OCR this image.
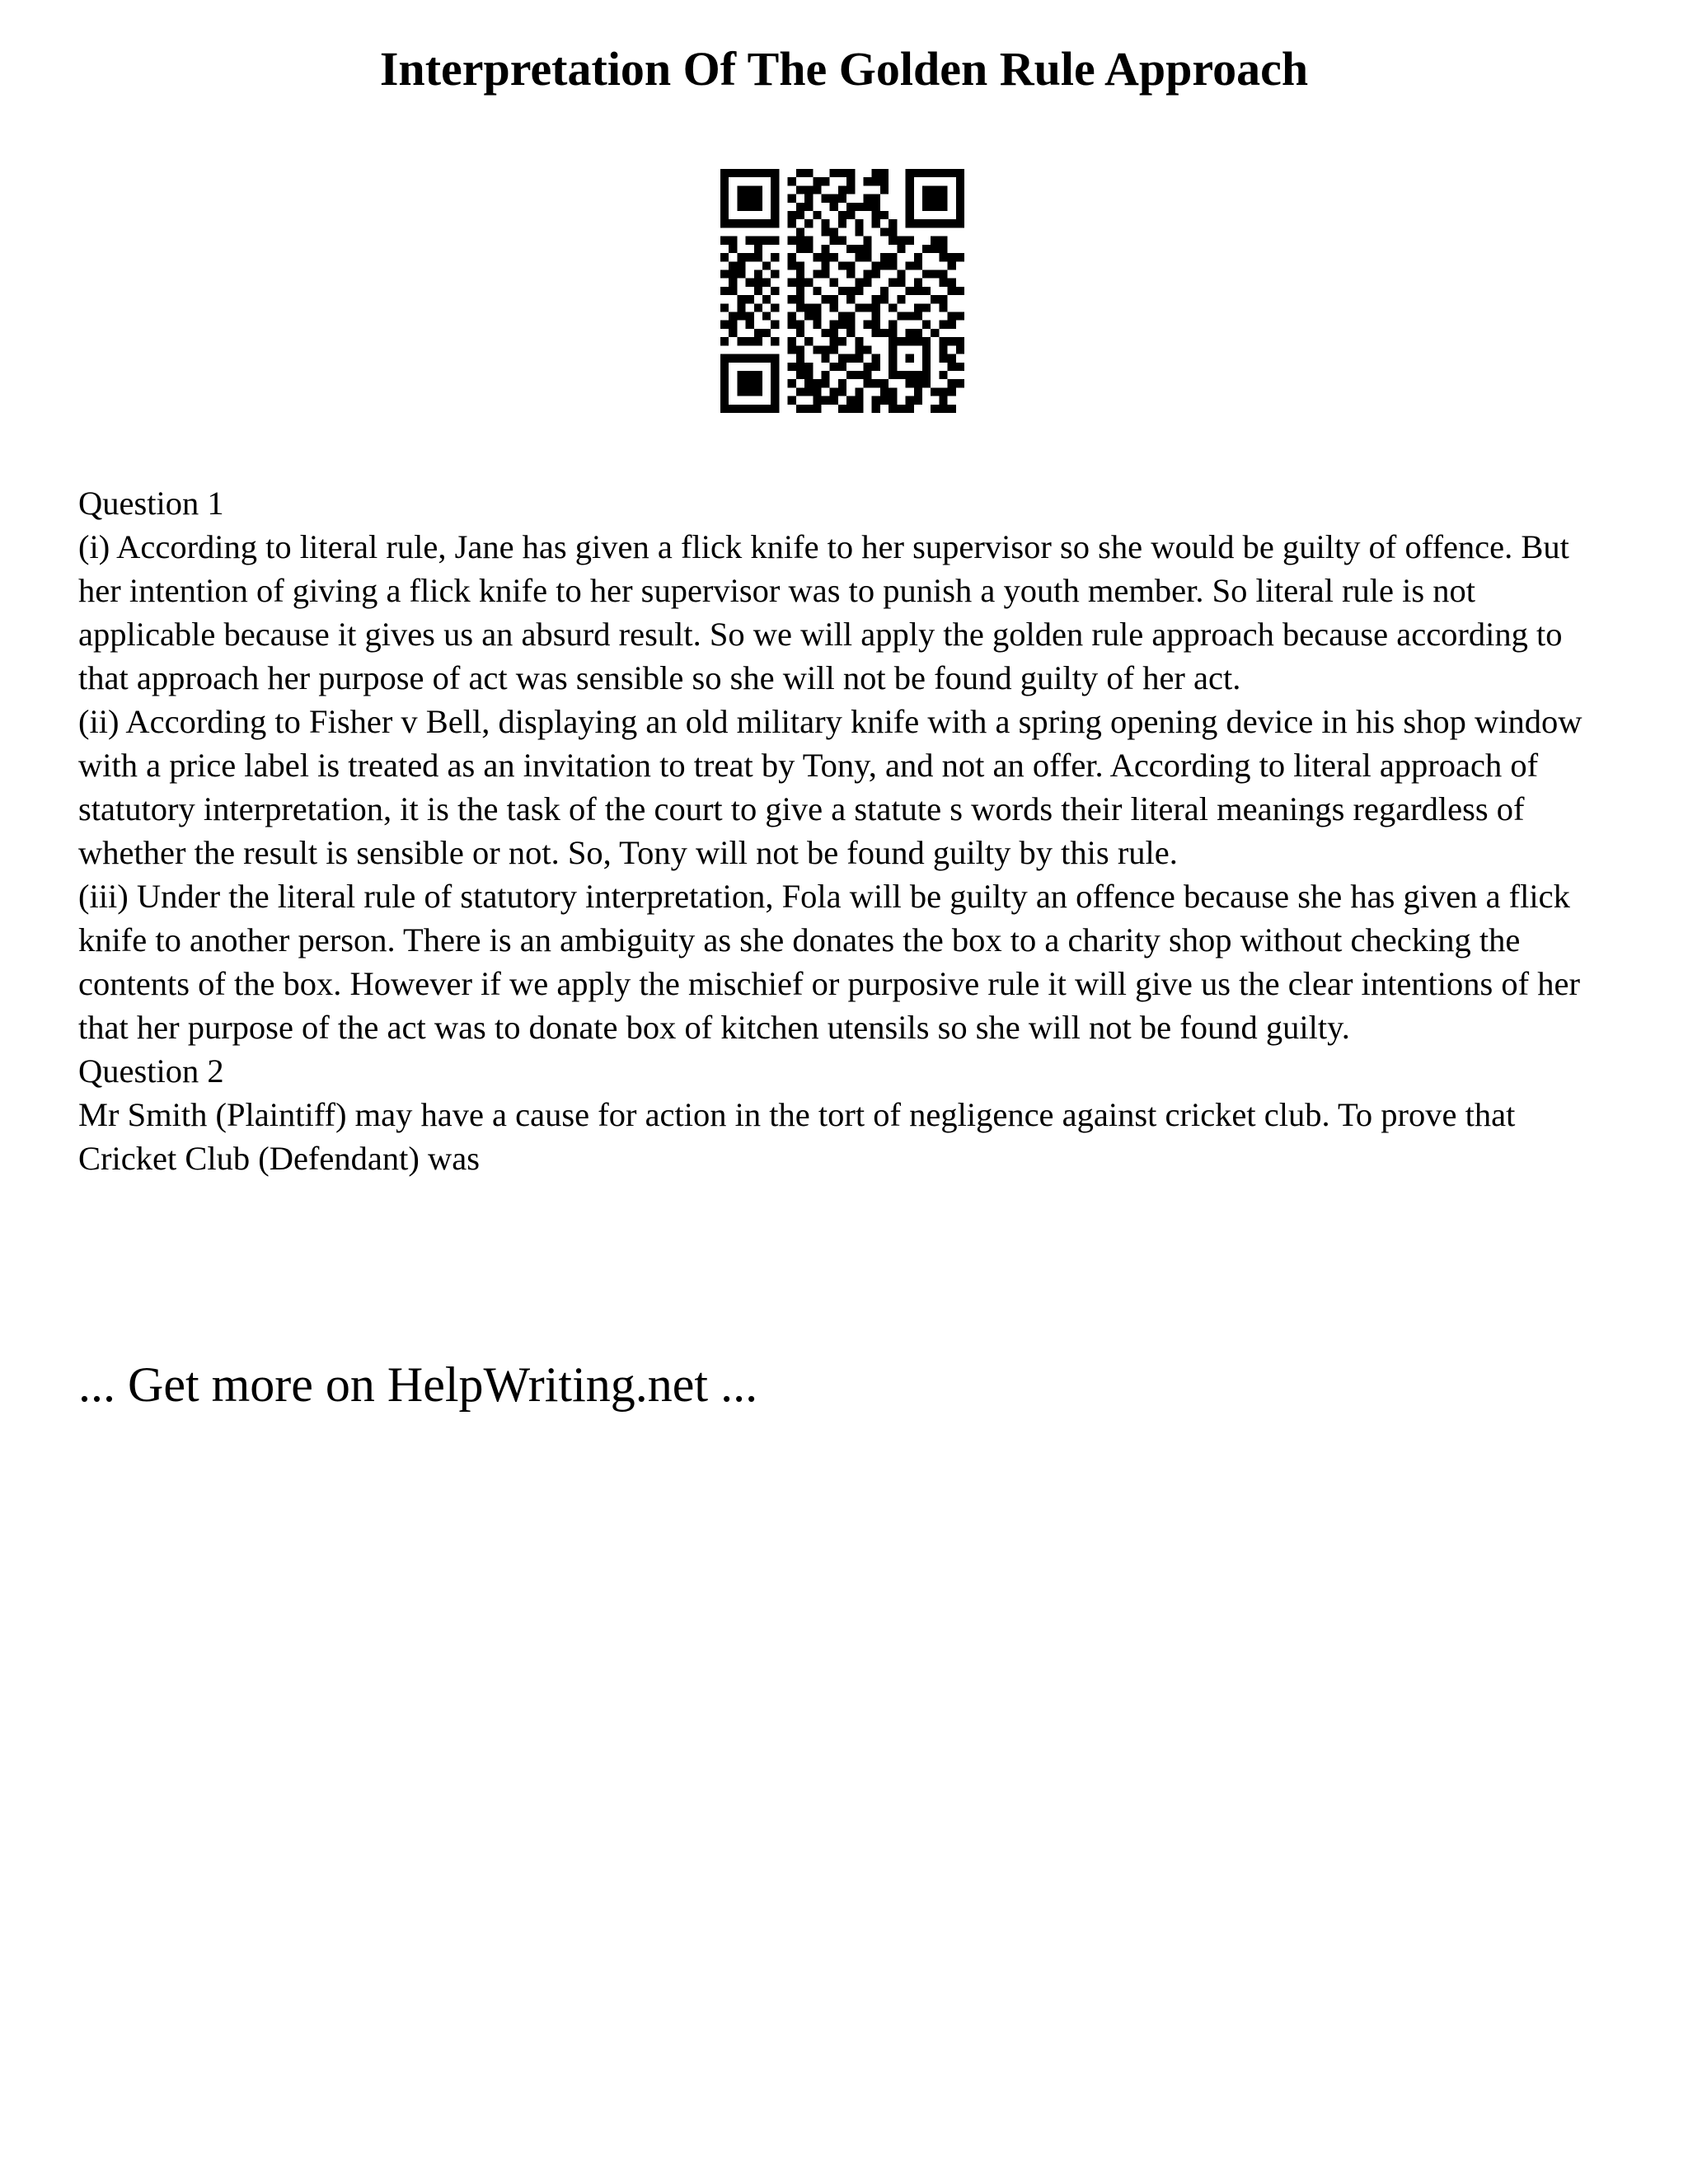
Interpretation Of The Golden Rule Approach

Question 1

(i) According to literal rule, Jane has given a flick knife to her supervisor so she would be guilty of offence. But her intention of giving a flick knife to her supervisor was to punish a youth member. So literal rule is not applicable because it gives us an absurd result. So we will apply the golden rule approach because according to that approach her purpose of act was sensible so she will not be found guilty of her act.

(ii) According to Fisher v Bell, displaying an old military knife with a spring opening device in his shop window with a price label is treated as an invitation to treat by Tony, and not an offer. According to literal approach of statutory interpretation, it is the task of the court to give a statute s words their literal meanings regardless of whether the result is sensible or not. So, Tony will not be found guilty by this rule.

(iii) Under the literal rule of statutory interpretation, Fola will be guilty an offence because she has given a flick knife to another person. There is an ambiguity as she donates the box to a charity shop without checking the contents of the box. However if we apply the mischief or purposive rule it will give us the clear intentions of her that her purpose of the act was to donate box of kitchen utensils so she will not be found guilty.

Question 2

Mr Smith (Plaintiff) may have a cause for action in the tort of negligence against cricket club. To prove that Cricket Club (Defendant) was

... Get more on HelpWriting.net ...
